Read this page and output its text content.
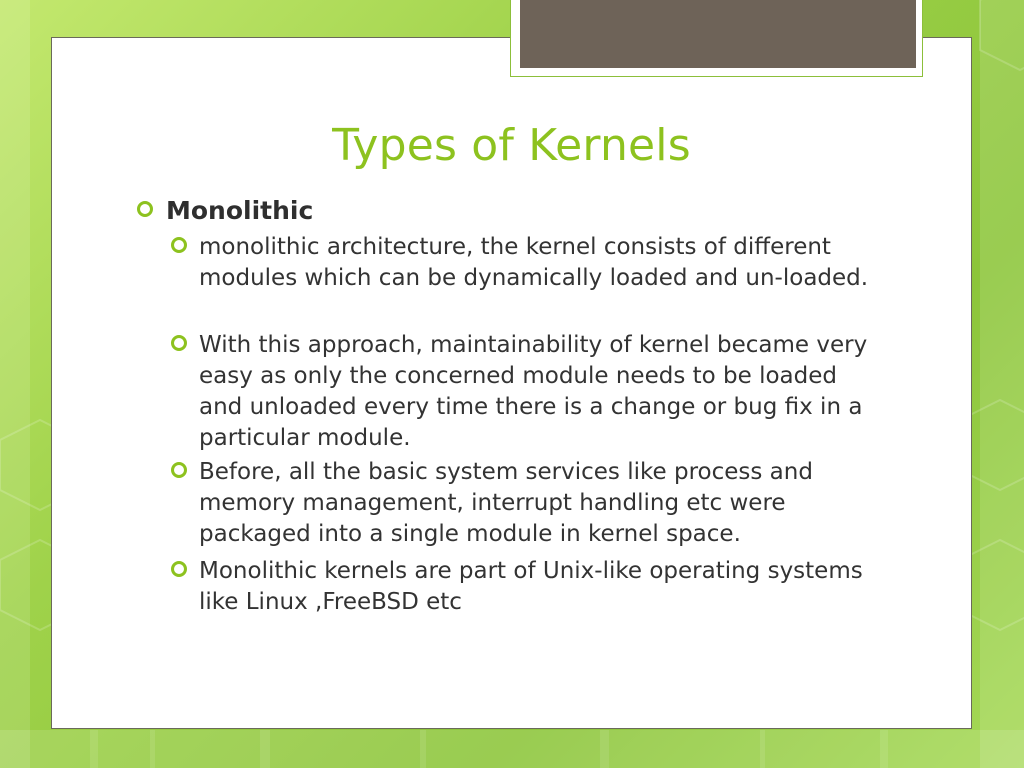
Types of Kernels
Monolithic
monolithic architecture, the kernel consists of different modules which can be dynamically loaded and un-loaded.
With this approach, maintainability of kernel became very easy as only the concerned module needs to be loaded and unloaded every time there is a change or bug fix in a particular module.
Before, all the basic system services like process and memory management, interrupt handling etc were packaged into a single module in kernel space.
Monolithic kernels are part of Unix-like operating systems like Linux ,FreeBSD etc
